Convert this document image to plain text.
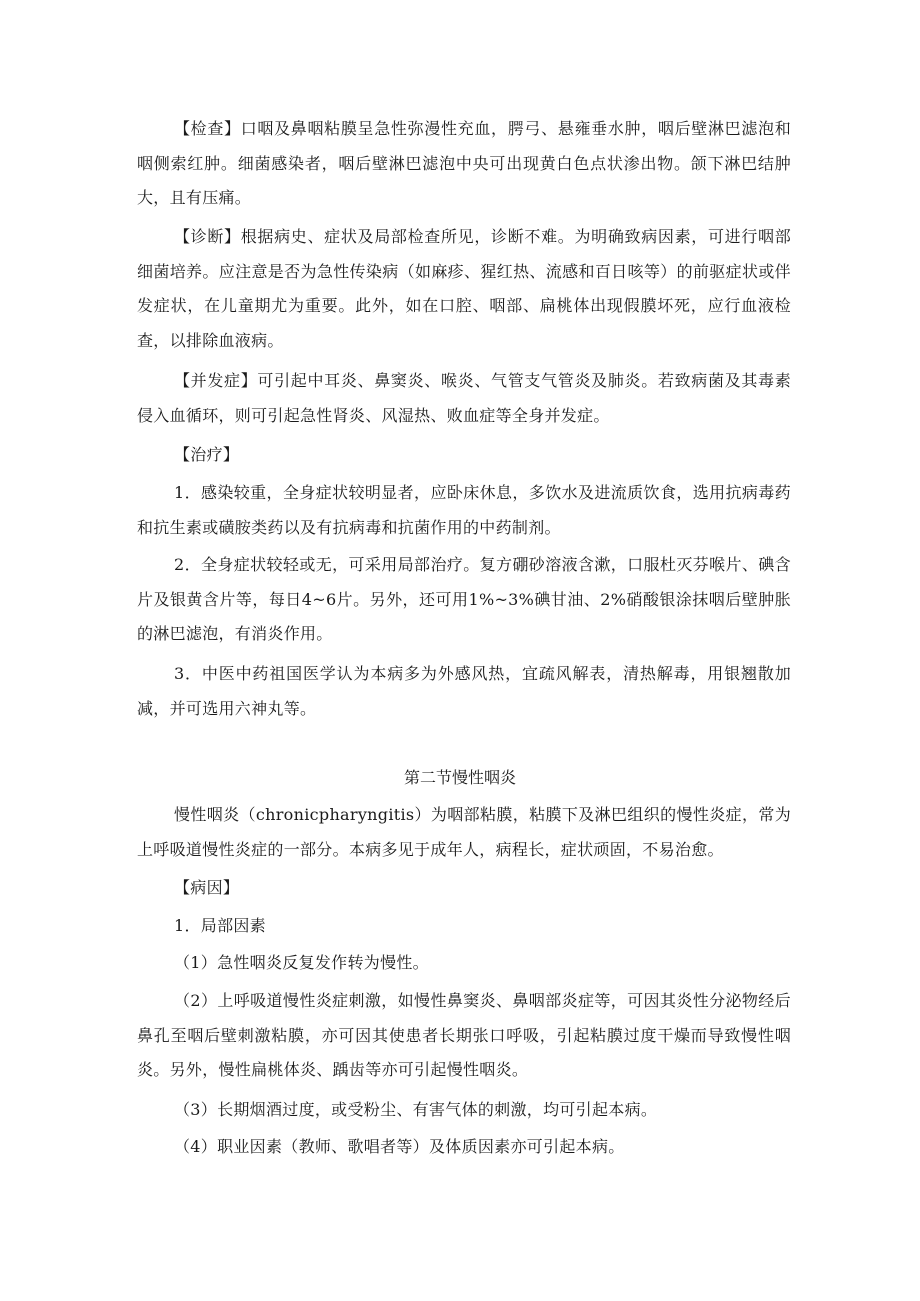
【检查】口咽及鼻咽粘膜呈急性弥漫性充血，腭弓、悬雍垂水肿，咽后壁淋巴滤泡和咽侧索红肿。细菌感染者，咽后壁淋巴滤泡中央可出现黄白色点状渗出物。颌下淋巴结肿大，且有压痛。

【诊断】根据病史、症状及局部检查所见，诊断不难。为明确致病因素，可进行咽部细菌培养。应注意是否为急性传染病（如麻疹、猩红热、流感和百日咳等）的前驱症状或伴发症状，在儿童期尤为重要。此外，如在口腔、咽部、扁桃体出现假膜坏死，应行血液检查，以排除血液病。

【并发症】可引起中耳炎、鼻窦炎、喉炎、气管支气管炎及肺炎。若致病菌及其毒素侵入血循环，则可引起急性肾炎、风湿热、败血症等全身并发症。

【治疗】

1．感染较重，全身症状较明显者，应卧床休息，多饮水及进流质饮食，选用抗病毒药和抗生素或磺胺类药以及有抗病毒和抗菌作用的中药制剂。

2．全身症状较轻或无，可采用局部治疗。复方硼砂溶液含漱，口服杜灭芬喉片、碘含片及银黄含片等，每日4~6片。另外，还可用1%~3%碘甘油、2%硝酸银涂抹咽后壁肿胀的淋巴滤泡，有消炎作用。

3．中医中药祖国医学认为本病多为外感风热，宜疏风解表，清热解毒，用银翘散加减，并可选用六神丸等。

第二节慢性咽炎

慢性咽炎（chronicpharyngitis）为咽部粘膜，粘膜下及淋巴组织的慢性炎症，常为上呼吸道慢性炎症的一部分。本病多见于成年人，病程长，症状顽固，不易治愈。

【病因】

1．局部因素

（1）急性咽炎反复发作转为慢性。

（2）上呼吸道慢性炎症刺激，如慢性鼻窦炎、鼻咽部炎症等，可因其炎性分泌物经后鼻孔至咽后壁刺激粘膜，亦可因其使患者长期张口呼吸，引起粘膜过度干燥而导致慢性咽炎。另外，慢性扁桃体炎、踽齿等亦可引起慢性咽炎。

（3）长期烟酒过度，或受粉尘、有害气体的刺激，均可引起本病。

（4）职业因素（教师、歌唱者等）及体质因素亦可引起本病。
